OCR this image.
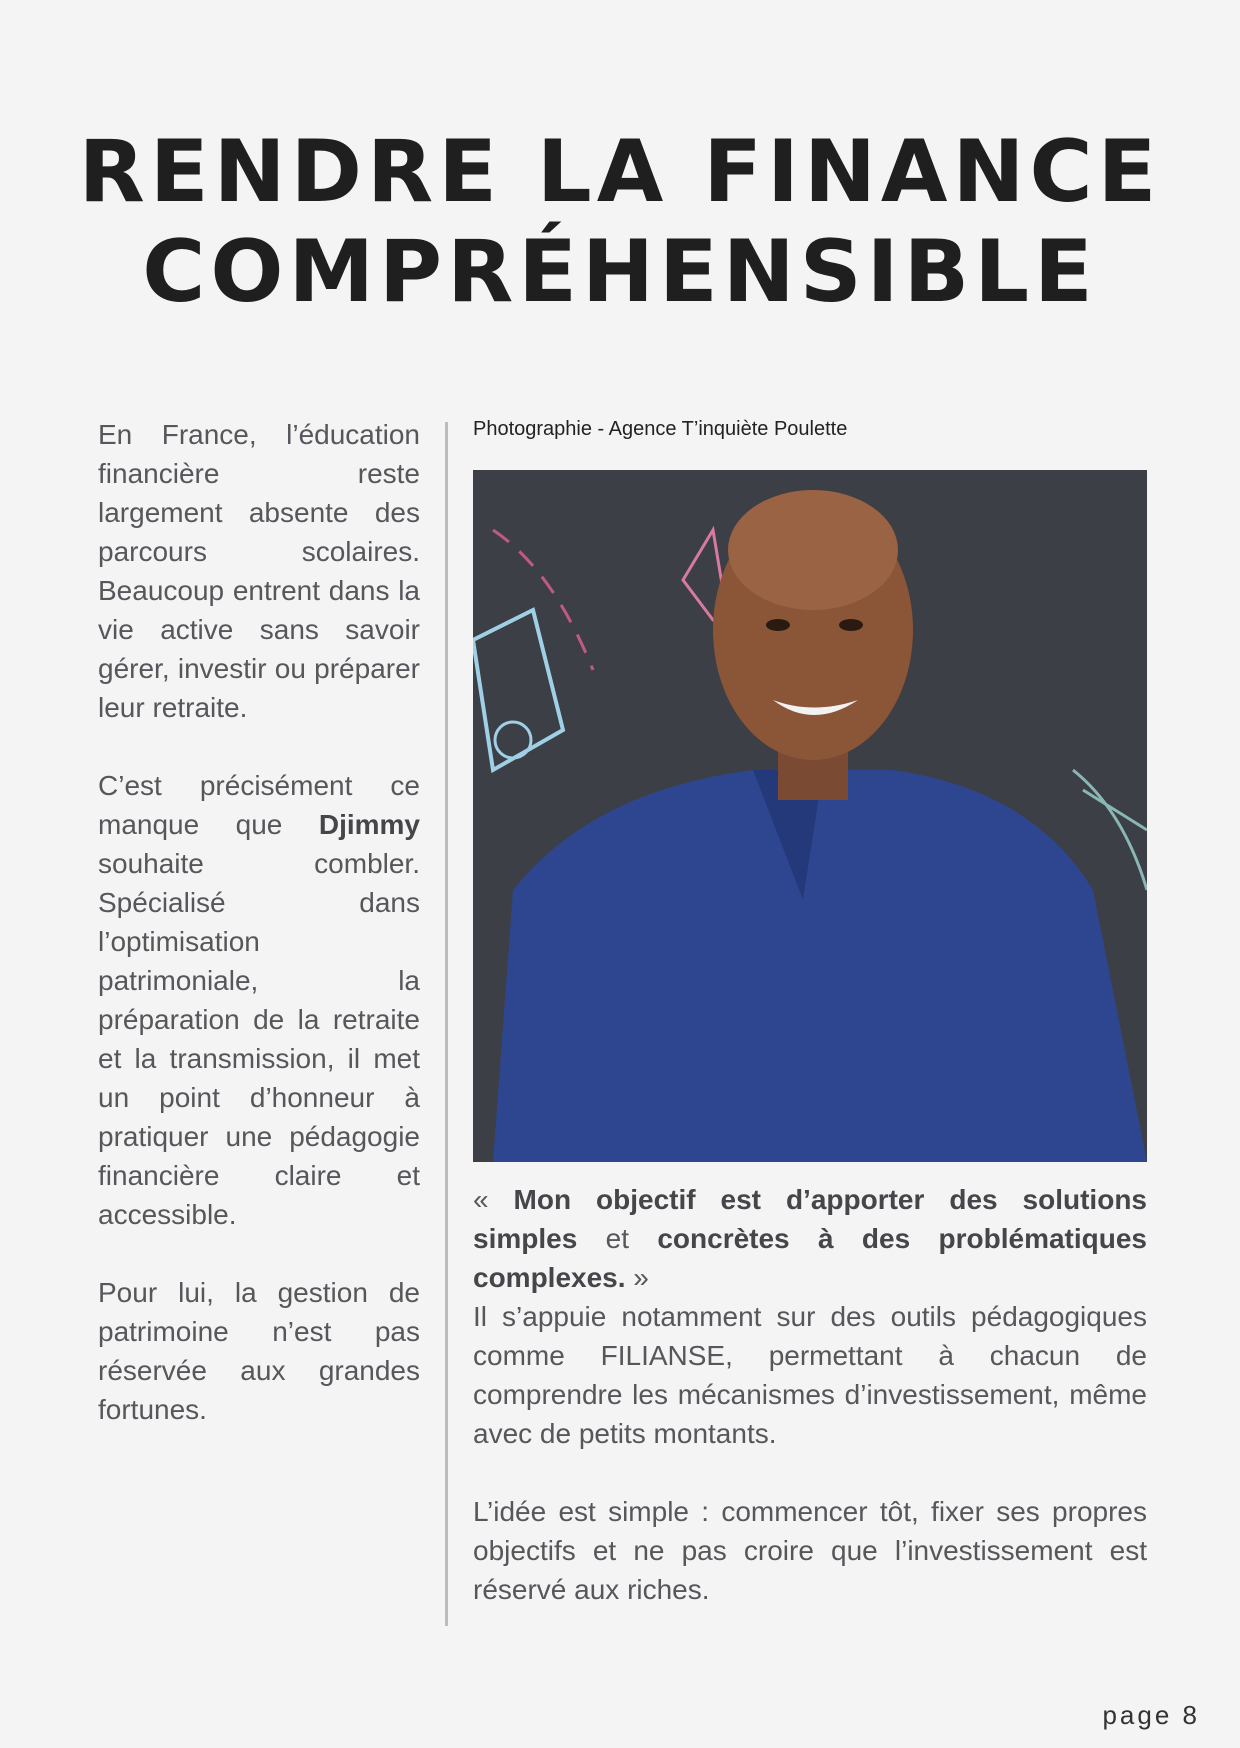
RENDRE LA FINANCE
COMPRÉHENSIBLE

En France, l’éducation financière reste largement absente des parcours scolaires. Beaucoup entrent dans la vie active sans savoir gérer, investir ou préparer leur retraite.

C’est précisément ce manque que Djimmy souhaite combler. Spécialisé dans l’optimisation patrimoniale, la préparation de la retraite et la transmission, il met un point d’honneur à pratiquer une pédagogie financière claire et accessible.

Pour lui, la gestion de patrimoine n’est pas réservée aux grandes fortunes.

Photographie - Agence T’inquiète Poulette
« Mon objectif est d’apporter des solutions simples et concrètes à des problématiques complexes. »

Il s’appuie notamment sur des outils pédagogiques comme FILIANSE, permettant à chacun de comprendre les mécanismes d’investissement, même avec de petits montants.

L’idée est simple : commencer tôt, fixer ses propres objectifs et ne pas croire que l’investissement est réservé aux riches.

page 8
